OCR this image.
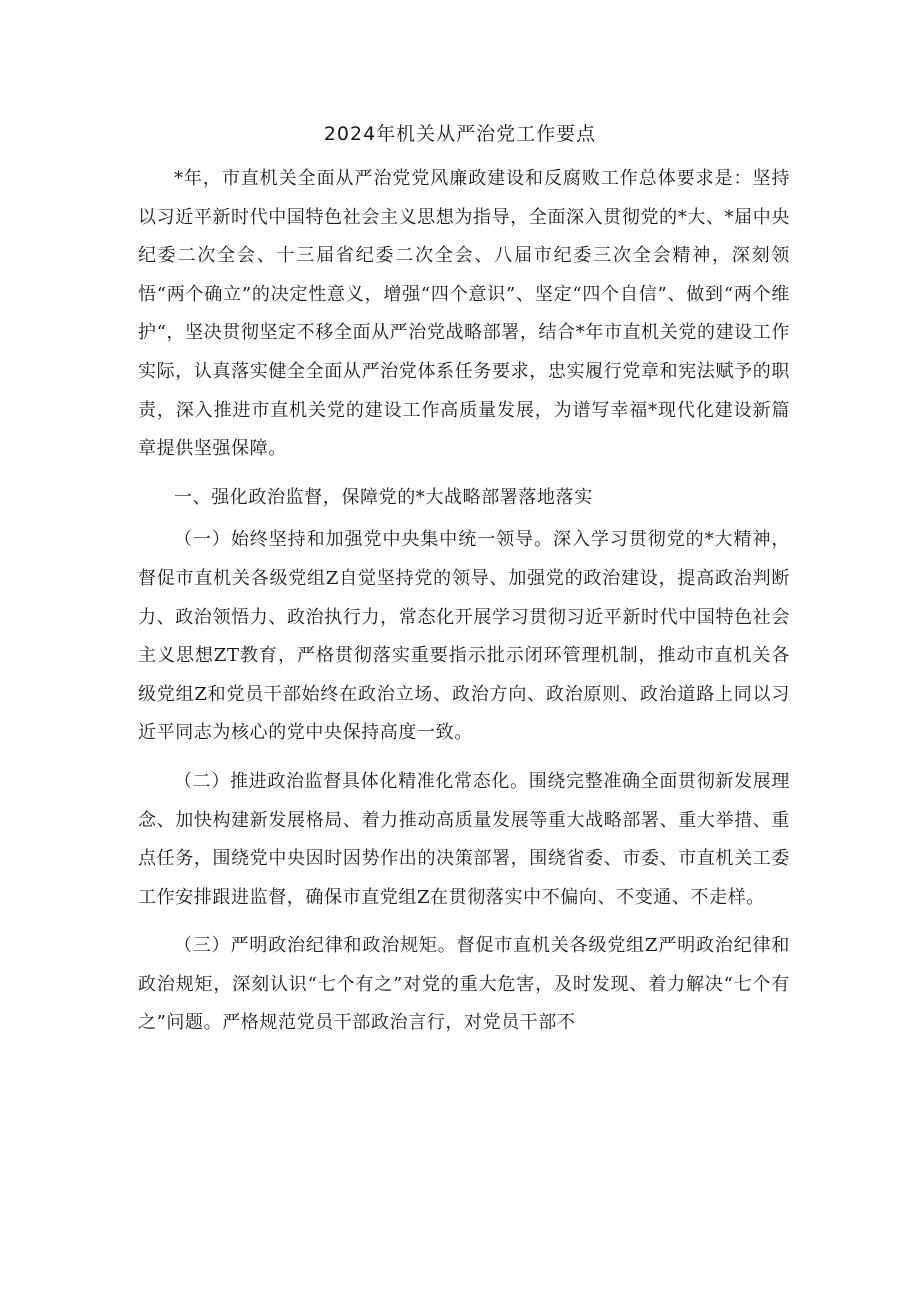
2024年机关从严治党工作要点

*年，市直机关全面从严治党党风廉政建设和反腐败工作总体要求是：坚持以习近平新时代中国特色社会主义思想为指导，全面深入贯彻党的*大、*届中央纪委二次全会、十三届省纪委二次全会、八届市纪委三次全会精神，深刻领悟“两个确立”的决定性意义，增强“四个意识”、坚定“四个自信”、做到“两个维护“，坚决贯彻坚定不移全面从严治党战略部署，结合*年市直机关党的建设工作实际，认真落实健全全面从严治党体系任务要求，忠实履行党章和宪法赋予的职责，深入推进市直机关党的建设工作高质量发展，为谱写幸福*现代化建设新篇章提供坚强保障。

一、强化政治监督，保障党的*大战略部署落地落实

（一）始终坚持和加强党中央集中统一领导。深入学习贯彻党的*大精神，督促市直机关各级党组Z自觉坚持党的领导、加强党的政治建设，提高政治判断力、政治领悟力、政治执行力，常态化开展学习贯彻习近平新时代中国特色社会主义思想ZT教育，严格贯彻落实重要指示批示闭环管理机制，推动市直机关各级党组Z和党员干部始终在政治立场、政治方向、政治原则、政治道路上同以习近平同志为核心的党中央保持高度一致。

（二）推进政治监督具体化精准化常态化。围绕完整准确全面贯彻新发展理念、加快构建新发展格局、着力推动高质量发展等重大战略部署、重大举措、重点任务，围绕党中央因时因势作出的决策部署，围绕省委、市委、市直机关工委工作安排跟进监督，确保市直党组Z在贯彻落实中不偏向、不变通、不走样。

（三）严明政治纪律和政治规矩。督促市直机关各级党组Z严明政治纪律和政治规矩，深刻认识“七个有之”对党的重大危害，及时发现、着力解决“七个有之”问题。严格规范党员干部政治言行，对党员干部不
